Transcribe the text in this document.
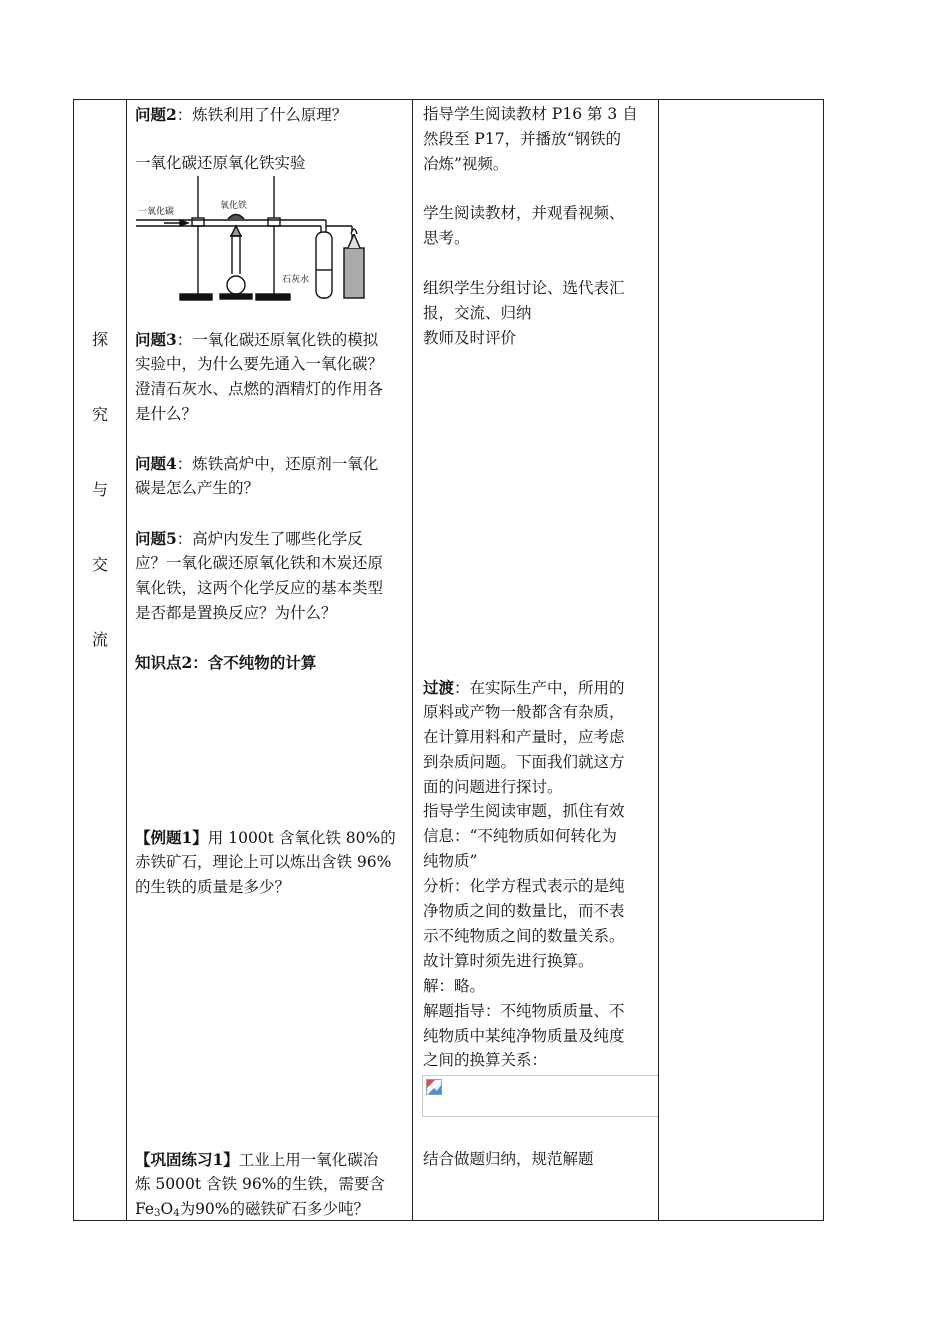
探
究
与
交
流

问题2：炼铁利用了什么原理？

一氧化碳还原氧化铁实验

问题3：一氧化碳还原氧化铁的模拟

实验中，为什么要先通入一氧化碳？

澄清石灰水、点燃的酒精灯的作用各

是什么？

问题4：炼铁高炉中，还原剂一氧化

碳是怎么产生的？

问题5：高炉内发生了哪些化学反

应？一氧化碳还原氧化铁和木炭还原

氧化铁，这两个化学反应的基本类型

是否都是置换反应？为什么？

知识点2：含不纯物的计算

【例题1】用 1000t 含氧化铁 80%的

赤铁矿石，理论上可以炼出含铁 96%

的生铁的质量是多少？

【巩固练习1】工业上用一氧化碳冶

炼 5000t 含铁 96%的生铁，需要含

$Fe_3O_4$为90%的磁铁矿石多少吨？

一氧化碳
氧化铁
石灰水

指导学生阅读教材 P16 第 3 自

然段至 P17，并播放“钢铁的

冶炼”视频。

学生阅读教材，并观看视频、

思考。

组织学生分组讨论、选代表汇

报，交流、归纳

教师及时评价

过渡：在实际生产中，所用的

原料或产物一般都含有杂质，

在计算用料和产量时，应考虑

到杂质问题。下面我们就这方

面的问题进行探讨。

指导学生阅读审题，抓住有效

信息：“不纯物质如何转化为

纯物质”

分析：化学方程式表示的是纯

净物质之间的数量比，而不表

示不纯物质之间的数量关系。

故计算时须先进行换算。

解：略。

解题指导：不纯物质质量、不

纯物质中某纯净物质量及纯度

之间的换算关系：

结合做题归纳，规范解题
